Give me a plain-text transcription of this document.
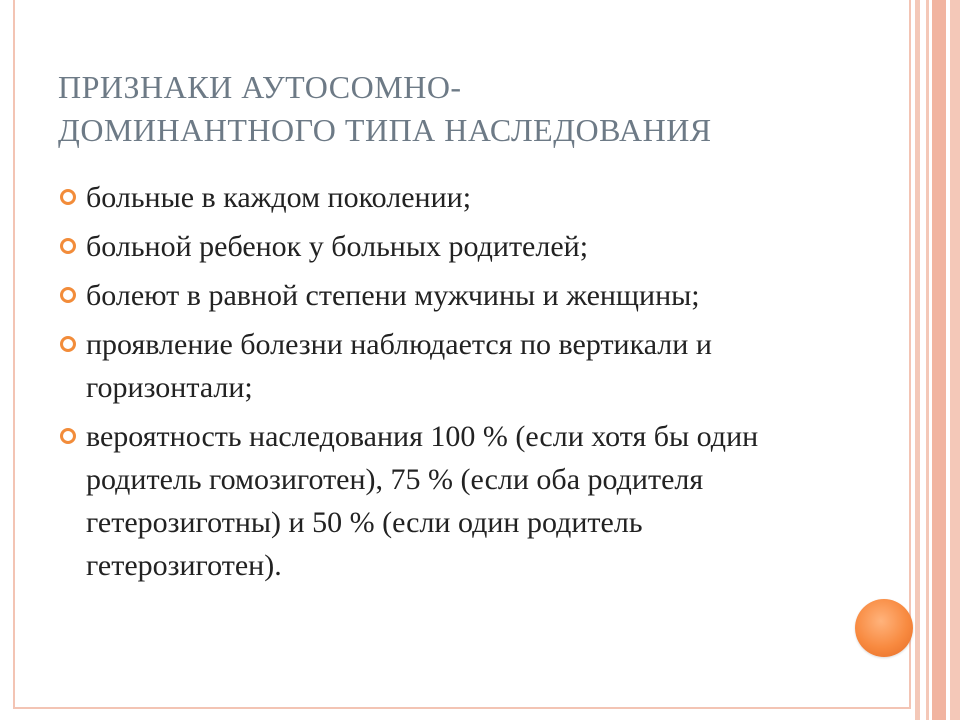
ПРИЗНАКИ АУТОСОМНО-
ДОМИНАНТНОГО ТИПА НАСЛЕДОВАНИЯ
больные в каждом поколении;
больной ребенок у больных родителей;
болеют в равной степени мужчины и женщины;
проявление болезни наблюдается по вертикали и горизонтали;
вероятность наследования 100 % (если хотя бы один родитель гомозиготен), 75 % (если оба родителя гетерозиготны) и 50 % (если один родитель гетерозиготен).
